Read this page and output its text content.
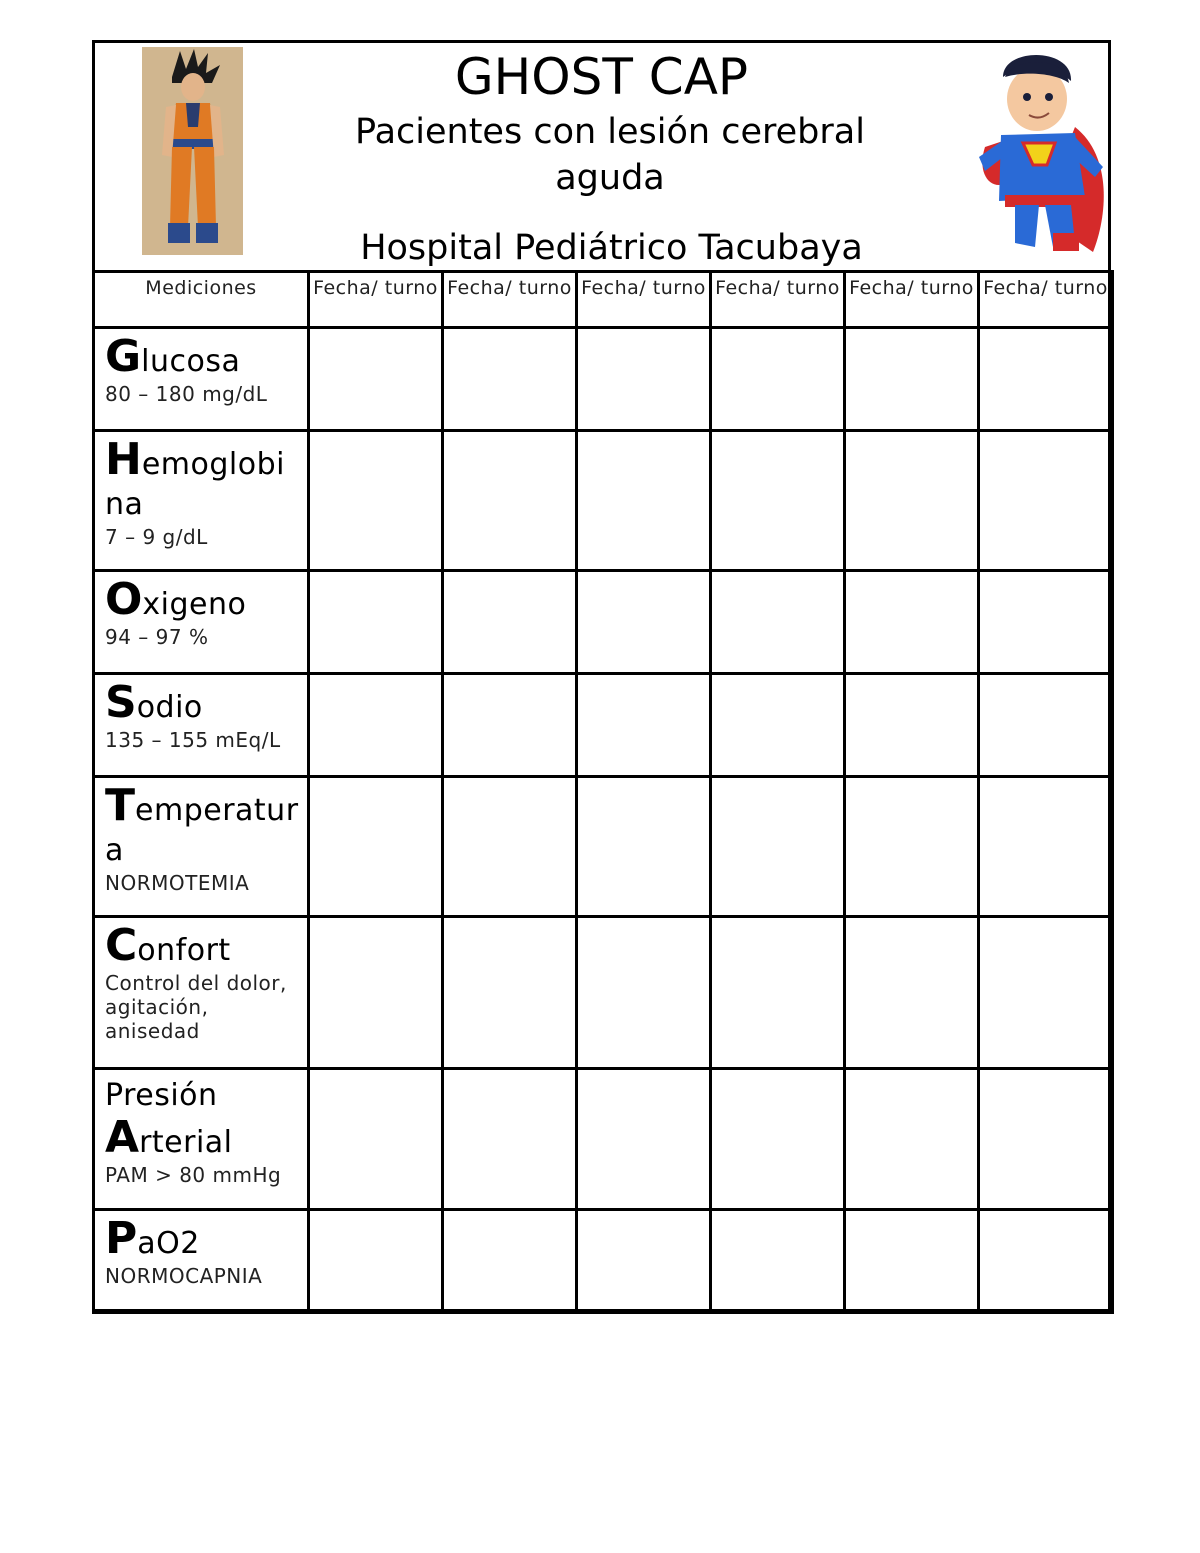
GHOST CAP
Pacientes con lesión cerebral aguda
Hospital Pediátrico Tacubaya
Mediciones	Fecha/ turno	Fecha/ turno	Fecha/ turno	Fecha/ turno	Fecha/ turno	Fecha/ turno

Glucosa
80 – 180 mg/dL						

Hemoglobina
7 – 9 g/dL						

Oxigeno
94 – 97 %						

Sodio
135 – 155 mEq/L						

Temperatura
NORMOTEMIA						

Confort
Control del dolor, agitación, anisedad						

Presión
Arterial
PAM > 80 mmHg						

PaO2
NORMOCAPNIA						
